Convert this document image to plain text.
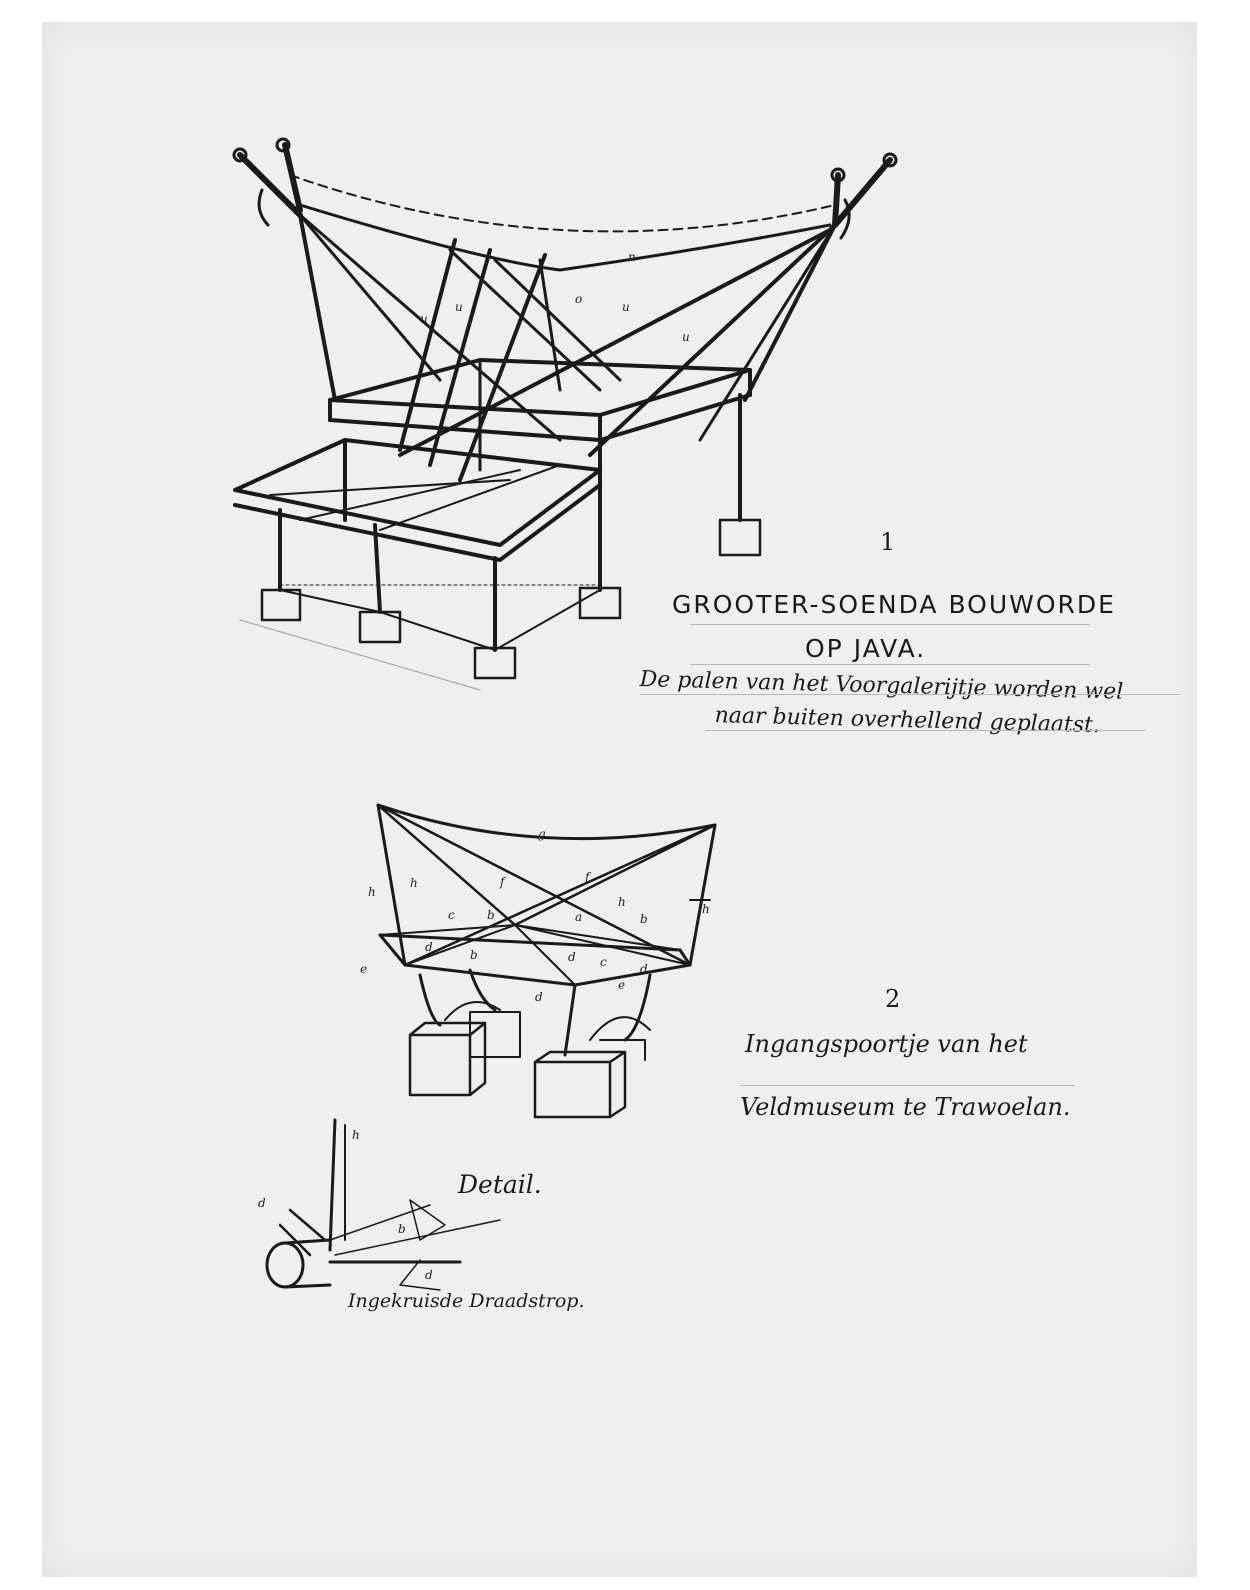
1
GROOTER-SOENDA BOUWORDE
OP JAVA.
De palen van het Voorgalerijtje worden wel
naar buiten overhellend geplaatst.
n
u
u
o
u
u
2
Ingangspoortje van het
Veldmuseum te Trawoelan.
g
h
h
h
f	f
c	b	a
h
b
d
b	d c	d
e
e
d
Detail.
Ingekruisde Draadstrop.
h
d
b
d
